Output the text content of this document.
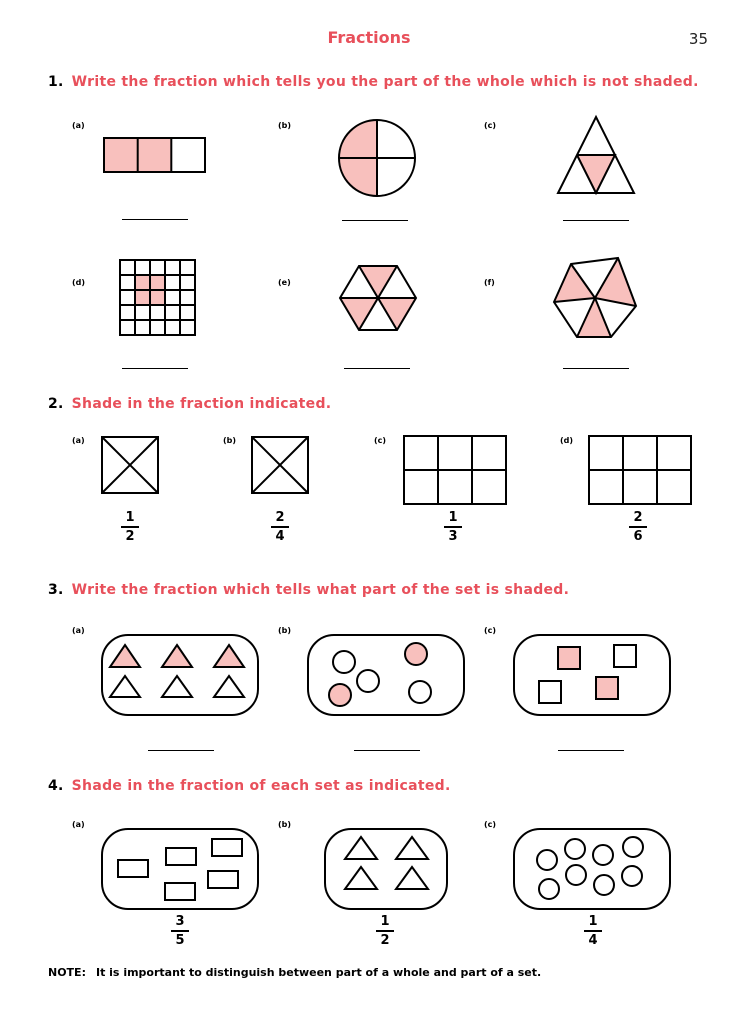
Fractions	35
1. Write the fraction which tells you the part of the whole which is not shaded.
(a)	(b)	(c)
(d)	(e)	(f)
2. Shade in the fraction indicated.
(a)	(b)	(c)	(d)
1
2
2
4
1
3
2
6
3. Write the fraction which tells what part of the set is shaded.
(a)	(b)	(c)
4. Shade in the fraction of each set as indicated.
(a)	(b)	(c)
3
5
1
2
1
4
NOTE: It is important to distinguish between part of a whole and part of a set.
